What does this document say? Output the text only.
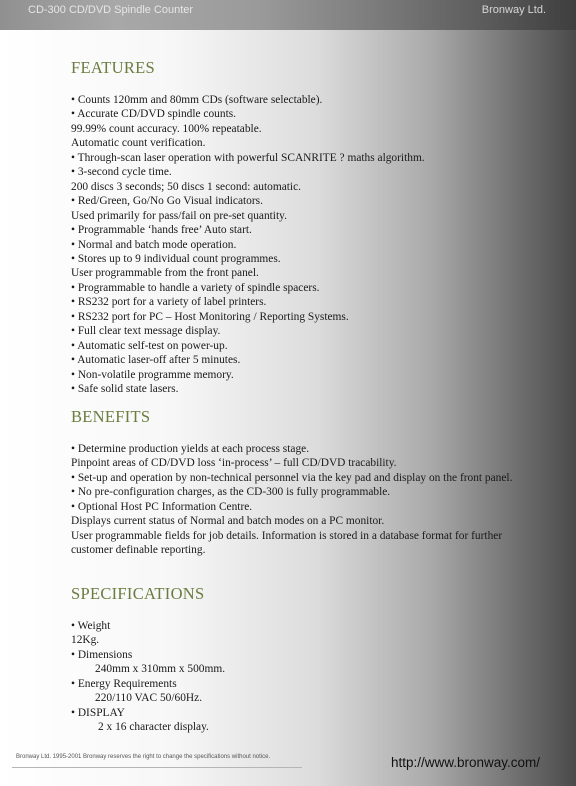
CD-300 CD/DVD Spindle Counter	Bronway Ltd.
FEATURES
• Counts 120mm and 80mm CDs (software selectable).
• Accurate CD/DVD spindle counts.
99.99% count accuracy. 100% repeatable.
Automatic count verification.
• Through-scan laser operation with powerful SCANRITE ? maths algorithm.
• 3-second cycle time.
200 discs 3 seconds; 50 discs 1 second: automatic.
• Red/Green, Go/No Go Visual indicators.
Used primarily for pass/fail on pre-set quantity.
• Programmable ‘hands free’ Auto start.
• Normal and batch mode operation.
• Stores up to 9 individual count programmes.
User programmable from the front panel.
• Programmable to handle a variety of spindle spacers.
• RS232 port for a variety of label printers.
• RS232 port for PC – Host Monitoring / Reporting Systems.
• Full clear text message display.
• Automatic self-test on power-up.
• Automatic laser-off after 5 minutes.
• Non-volatile programme memory.
• Safe solid state lasers.
BENEFITS
• Determine production yields at each process stage.
Pinpoint areas of CD/DVD loss ‘in-process’ – full CD/DVD tracability.
• Set-up and operation by non-technical personnel via the key pad and display on the front panel.
• No pre-configuration charges, as the CD-300 is fully programmable.
• Optional Host PC Information Centre.
Displays current status of Normal and batch modes on a PC monitor.
User programmable fields for job details. Information is stored in a database format for further customer definable reporting.
SPECIFICATIONS
• Weight
12Kg.
• Dimensions
240mm x 310mm x 500mm.
• Energy Requirements
220/110 VAC 50/60Hz.
• DISPLAY
2 x 16 character display.
Bronway Ltd. 1995-2001 Bronway reserves the right to change the specifications without notice.	http://www.bronway.com/
